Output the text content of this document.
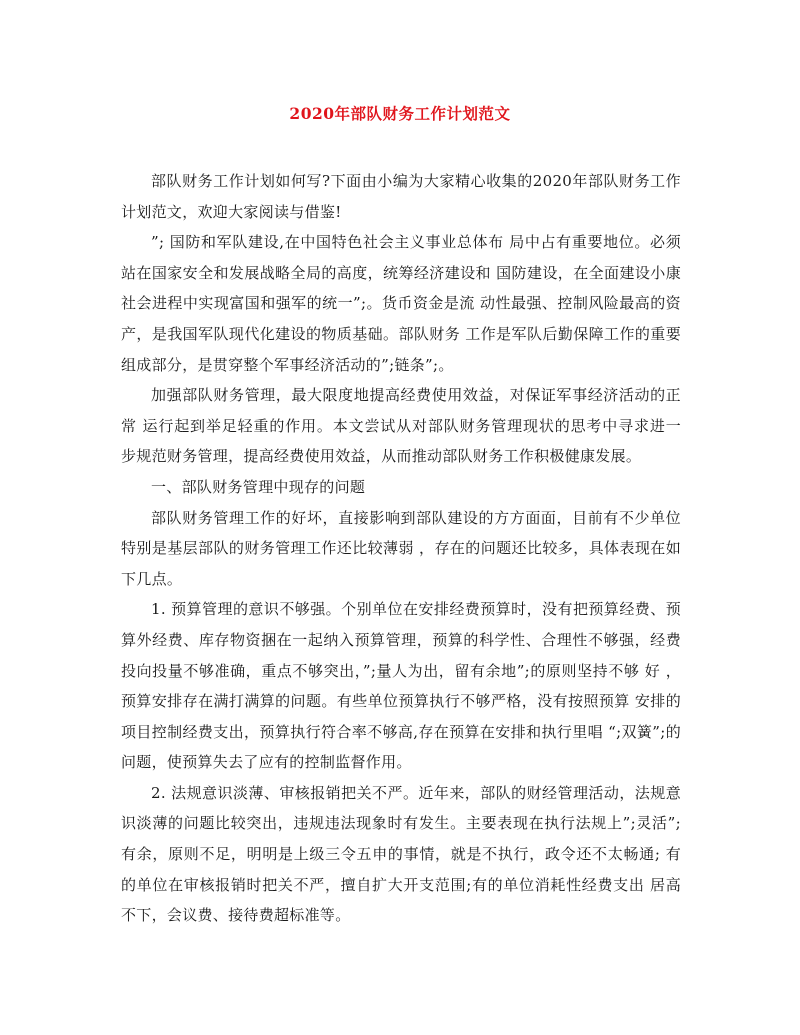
2020年部队财务工作计划范文

部队财务工作计划如何写?下面由小编为大家精心收集的2020年部队财务工作计划范文，欢迎大家阅读与借鉴!

”; 国防和军队建设,在中国特色社会主义事业总体布 局中占有重要地位。必须站在国家安全和发展战略全局的高度，统筹经济建设和 国防建设，在全面建设小康社会进程中实现富国和强军的统一”;。货币资金是流 动性最强、控制风险最高的资产，是我国军队现代化建设的物质基础。部队财务 工作是军队后勤保障工作的重要组成部分，是贯穿整个军事经济活动的”;链条”;。

加强部队财务管理，最大限度地提高经费使用效益，对保证军事经济活动的正常 运行起到举足轻重的作用。本文尝试从对部队财务管理现状的思考中寻求进一 步规范财务管理，提高经费使用效益，从而推动部队财务工作积极健康发展。

一、部队财务管理中现存的问题

部队财务管理工作的好坏，直接影响到部队建设的方方面面，目前有不少单位特别是基层部队的财务管理工作还比较薄弱 ，存在的问题还比较多，具体表现在如下几点。

1. 预算管理的意识不够强。个别单位在安排经费预算时，没有把预算经费、预算外经费、库存物资捆在一起纳入预算管理，预算的科学性、合理性不够强，经费投向投量不够准确，重点不够突出，”;量人为出，留有余地”;的原则坚持不够 好 ，预算安排存在满打满算的问题。有些单位预算执行不够严格，没有按照预算 安排的项目控制经费支出，预算执行符合率不够高,存在预算在安排和执行里唱 “;双簧”;的问题，使预算失去了应有的控制监督作用。

2. 法规意识淡薄、审核报销把关不严。近年来，部队的财经管理活动，法规意识淡薄的问题比较突出，违规违法现象时有发生。主要表现在执行法规上”;灵活”;有余，原则不足，明明是上级三令五申的事情，就是不执行，政令还不太畅通; 有的单位在审核报销时把关不严，擅自扩大开支范围;有的单位消耗性经费支出 居高不下，会议费、接待费超标准等。
